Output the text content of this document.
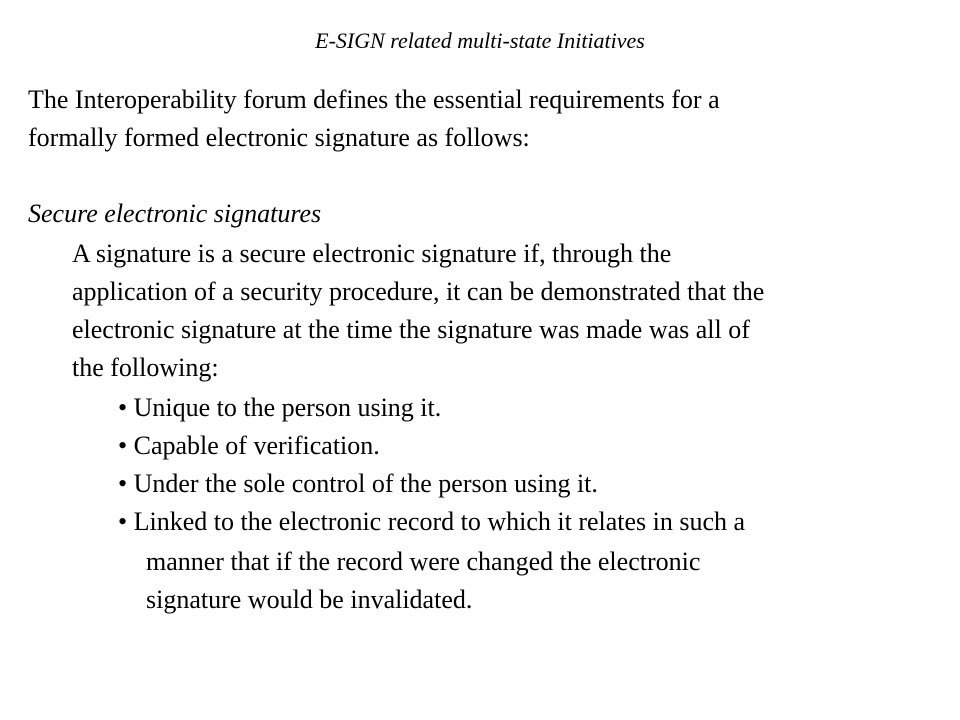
E-SIGN related multi-state Initiatives
The Interoperability forum defines the essential requirements for a
formally formed electronic signature as follows:
Secure electronic signatures
A signature is a secure electronic signature if, through the
application of a security procedure, it can be demonstrated that the
electronic signature at the time the signature was made was all of
the following:
• Unique to the person using it.
• Capable of verification.
• Under the sole control of the person using it.
• Linked to the electronic record to which it relates in such a
manner that if the record were changed the electronic
signature would be invalidated.
